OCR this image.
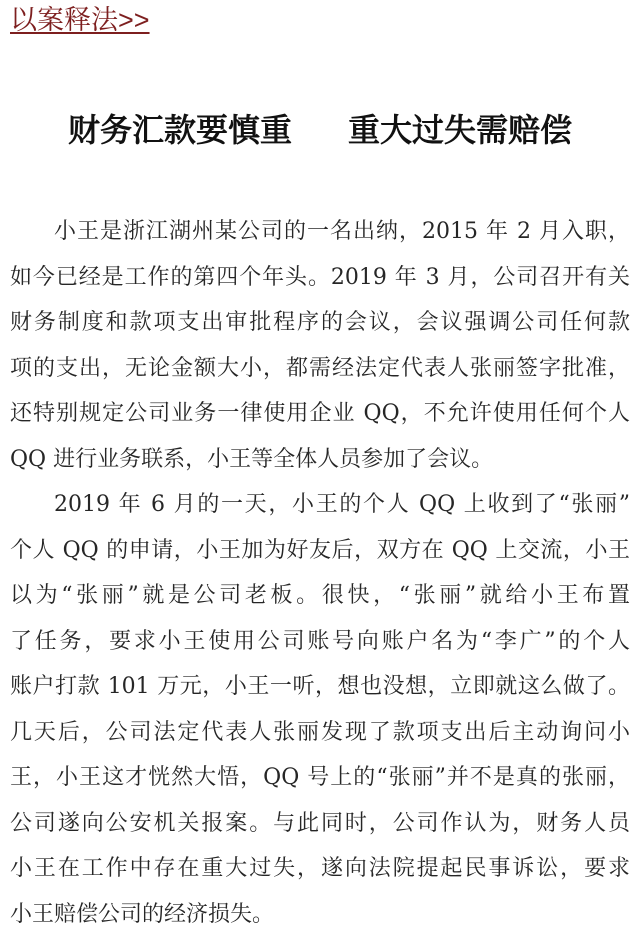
以案释法>>
财务汇款要慎重 重大过失需赔偿
小王是浙江湖州某公司的一名出纳，2015 年 2 月入职，
如今已经是工作的第四个年头。2019 年 3 月，公司召开有关
财务制度和款项支出审批程序的会议，会议强调公司任何款
项的支出，无论金额大小，都需经法定代表人张丽签字批准，
还特别规定公司业务一律使用企业 QQ，不允许使用任何个人
QQ 进行业务联系，小王等全体人员参加了会议。
2019 年 6 月的一天，小王的个人 QQ 上收到了“张丽”
个人 QQ 的申请，小王加为好友后，双方在 QQ 上交流，小王
以为“张丽”就是公司老板。很快，“张丽”就给小王布置
了任务，要求小王使用公司账号向账户名为“李广”的个人
账户打款 101 万元，小王一听，想也没想，立即就这么做了。
几天后，公司法定代表人张丽发现了款项支出后主动询问小
王，小王这才恍然大悟，QQ 号上的“张丽”并不是真的张丽，
公司遂向公安机关报案。与此同时，公司作认为，财务人员
小王在工作中存在重大过失，遂向法院提起民事诉讼，要求
小王赔偿公司的经济损失。
